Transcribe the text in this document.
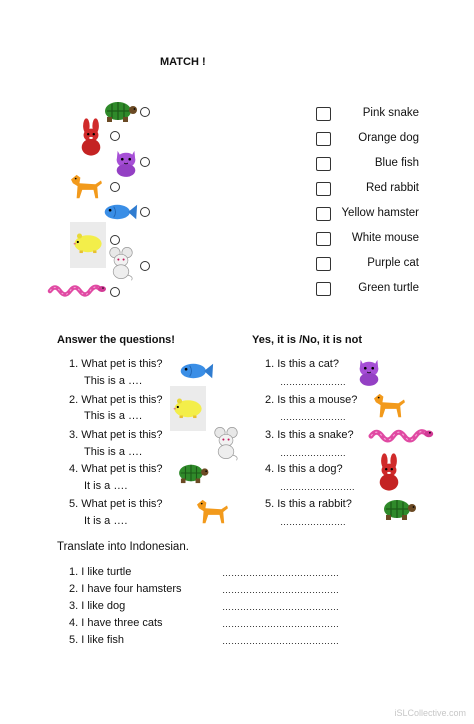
MATCH !
Pink snake
Orange dog
Blue fish
Red rabbit
Yellow hamster
White mouse
Purple cat
Green turtle
Answer the questions!
1. What pet is this?
This is a ….
2. What pet is this?
This is a ….
3. What pet is this?
This is a ….
4. What pet is this?
It is a ….
5. What pet is this?
It is a ….
Yes, it is /No, it is not
1. Is this a cat?
………………….
2. Is this a mouse?
………………….
3. Is this a snake?
………………….
4. Is this a dog?
…………………….
5. Is this a rabbit?
………………….
Translate into Indonesian.
1. I like turtle	…………………………………
2. I have four hamsters	…………………………………
3. I like dog	…………………………………
4. I have three cats	…………………………………
5. I like fish	…………………………………
iSLCollective.com
